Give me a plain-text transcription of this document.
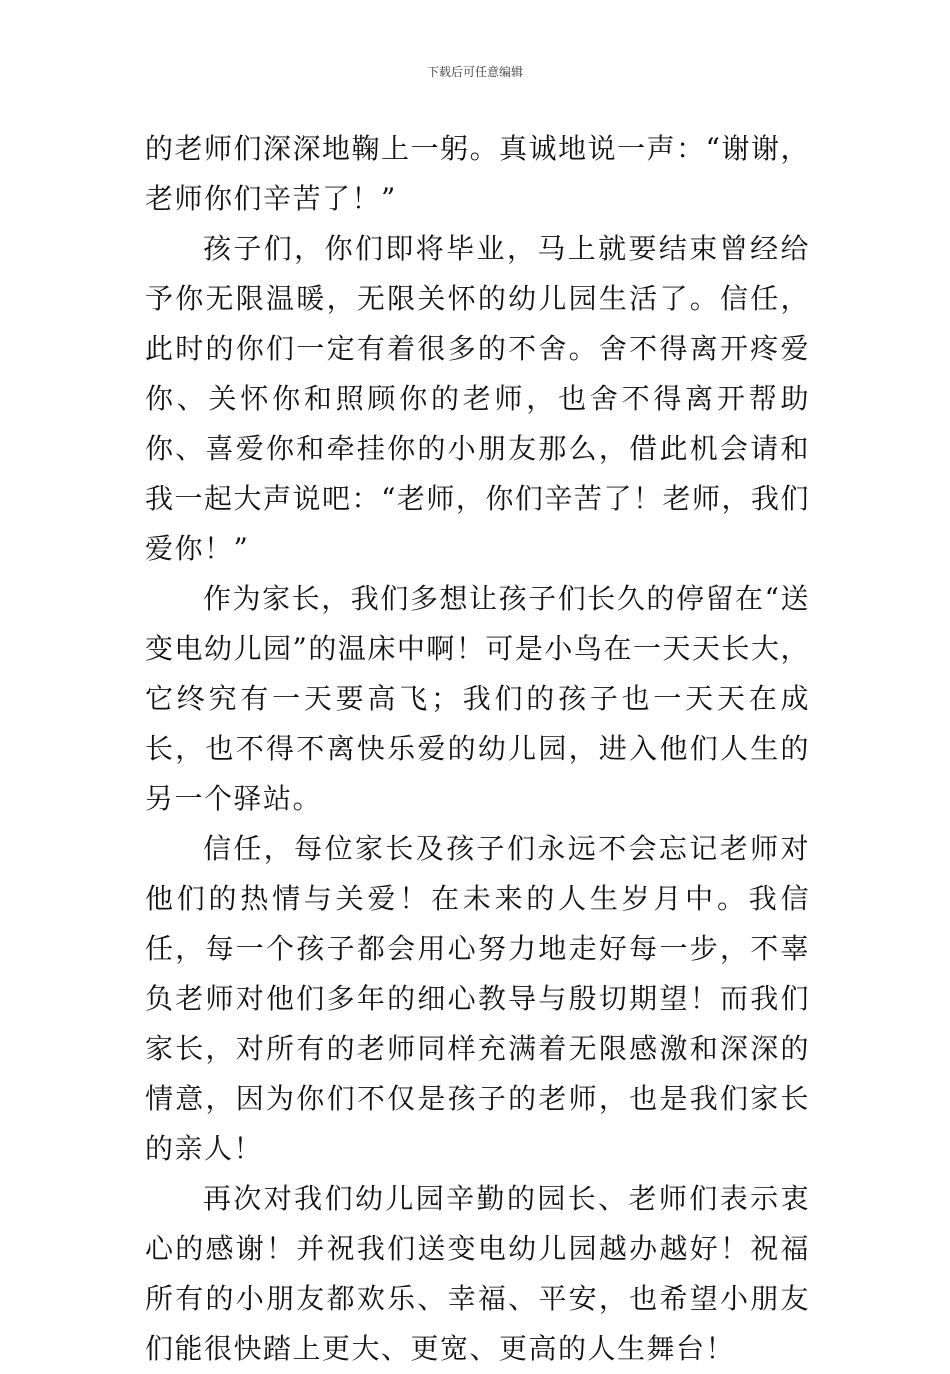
下载后可任意编辑

的老师们深深地鞠上一躬。真诚地说一声：“谢谢，老师你们辛苦了！”

孩子们，你们即将毕业，马上就要结束曾经给予你无限温暖，无限关怀的幼儿园生活了。信任，此时的你们一定有着很多的不舍。舍不得离开疼爱你、关怀你和照顾你的老师，也舍不得离开帮助你、喜爱你和牵挂你的小朋友那么，借此机会请和我一起大声说吧：“老师，你们辛苦了！老师，我们爱你！”

作为家长，我们多想让孩子们长久的停留在“送变电幼儿园”的温床中啊！可是小鸟在一天天长大，它终究有一天要高飞；我们的孩子也一天天在成长，也不得不离快乐爱的幼儿园，进入他们人生的另一个驿站。

信任，每位家长及孩子们永远不会忘记老师对他们的热情与关爱！在未来的人生岁月中。我信任，每一个孩子都会用心努力地走好每一步，不辜负老师对他们多年的细心教导与殷切期望！而我们家长，对所有的老师同样充满着无限感激和深深的情意，因为你们不仅是孩子的老师，也是我们家长的亲人！

再次对我们幼儿园辛勤的园长、老师们表示衷心的感谢！并祝我们送变电幼儿园越办越好！祝福所有的小朋友都欢乐、幸福、平安，也希望小朋友们能很快踏上更大、更宽、更高的人生舞台！
